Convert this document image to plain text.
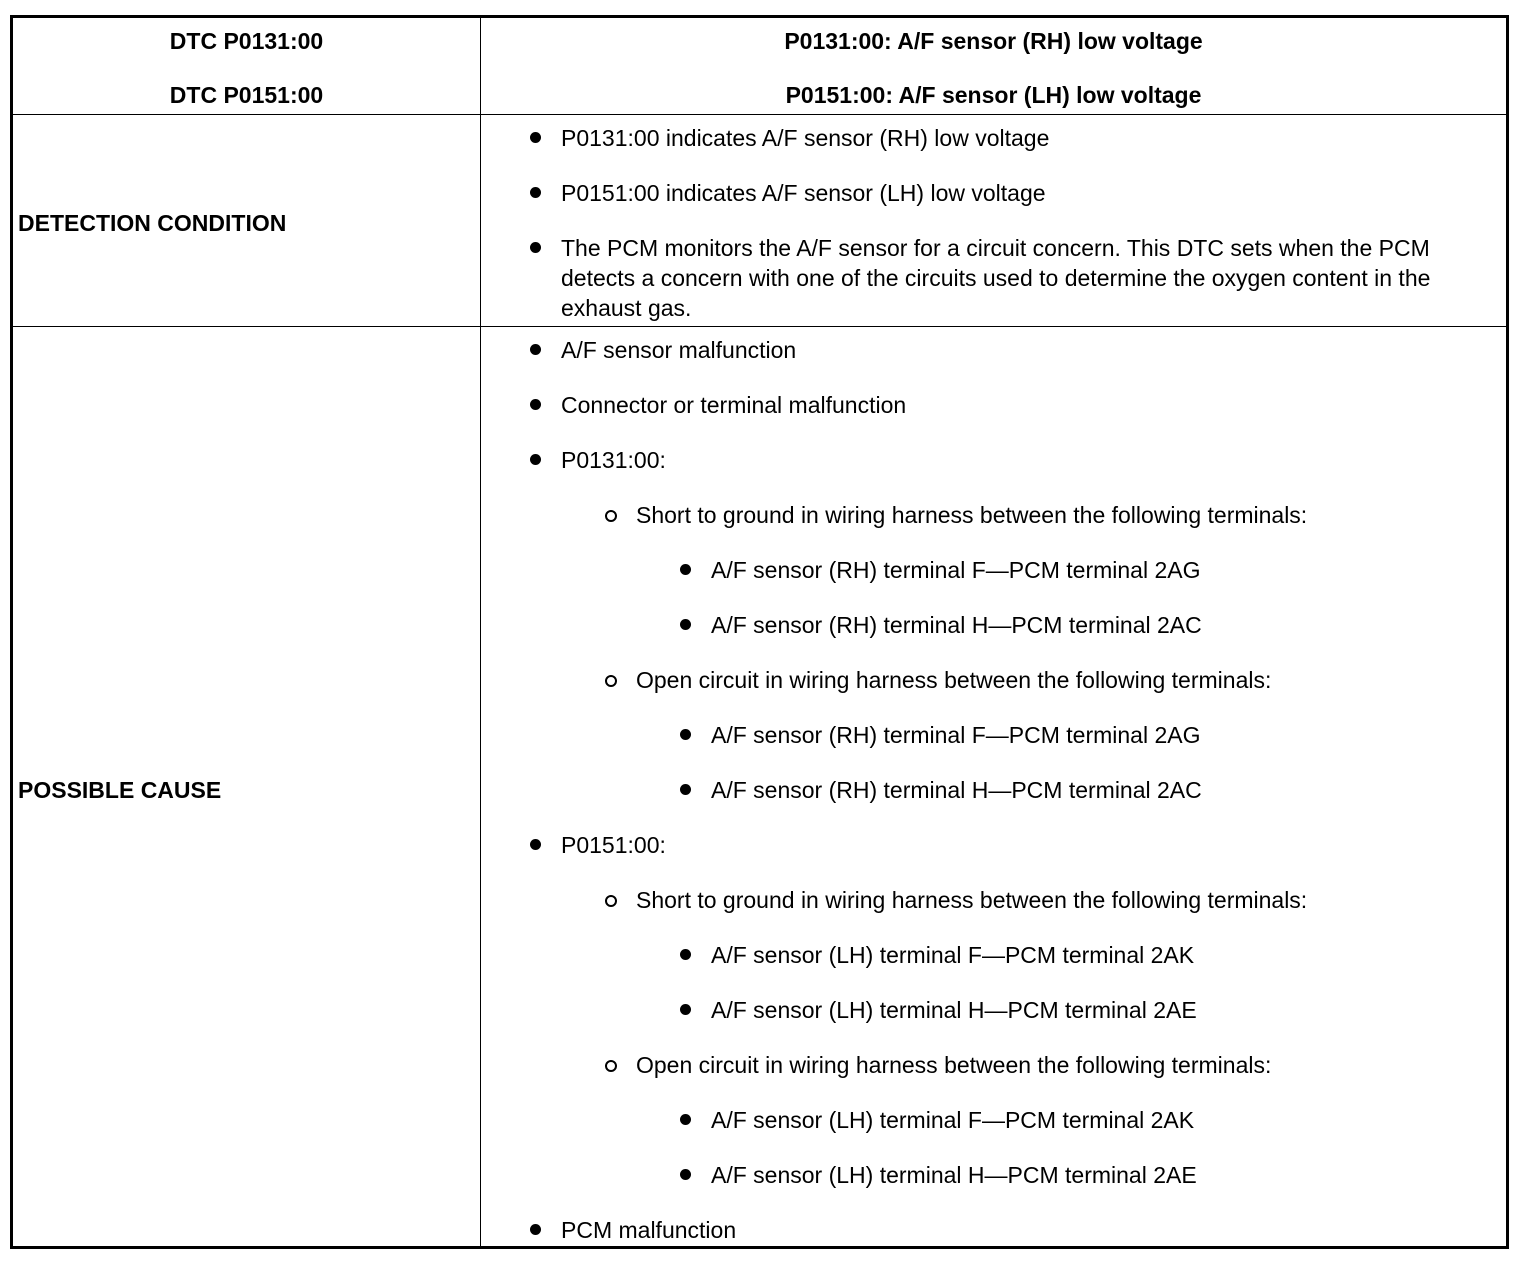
DTC P0131:00
DTC P0151:00
P0131:00: A/F sensor (RH) low voltage
P0151:00: A/F sensor (LH) low voltage
DETECTION CONDITION
P0131:00 indicates A/F sensor (RH) low voltage
P0151:00 indicates A/F sensor (LH) low voltage
The PCM monitors the A/F sensor for a circuit concern. This DTC sets when the PCM detects a concern with one of the circuits used to determine the oxygen content in the exhaust gas.
POSSIBLE CAUSE
A/F sensor malfunction
Connector or terminal malfunction
P0131:00:
Short to ground in wiring harness between the following terminals:
A/F sensor (RH) terminal F—PCM terminal 2AG
A/F sensor (RH) terminal H—PCM terminal 2AC
Open circuit in wiring harness between the following terminals:
A/F sensor (RH) terminal F—PCM terminal 2AG
A/F sensor (RH) terminal H—PCM terminal 2AC
P0151:00:
Short to ground in wiring harness between the following terminals:
A/F sensor (LH) terminal F—PCM terminal 2AK
A/F sensor (LH) terminal H—PCM terminal 2AE
Open circuit in wiring harness between the following terminals:
A/F sensor (LH) terminal F—PCM terminal 2AK
A/F sensor (LH) terminal H—PCM terminal 2AE
PCM malfunction
